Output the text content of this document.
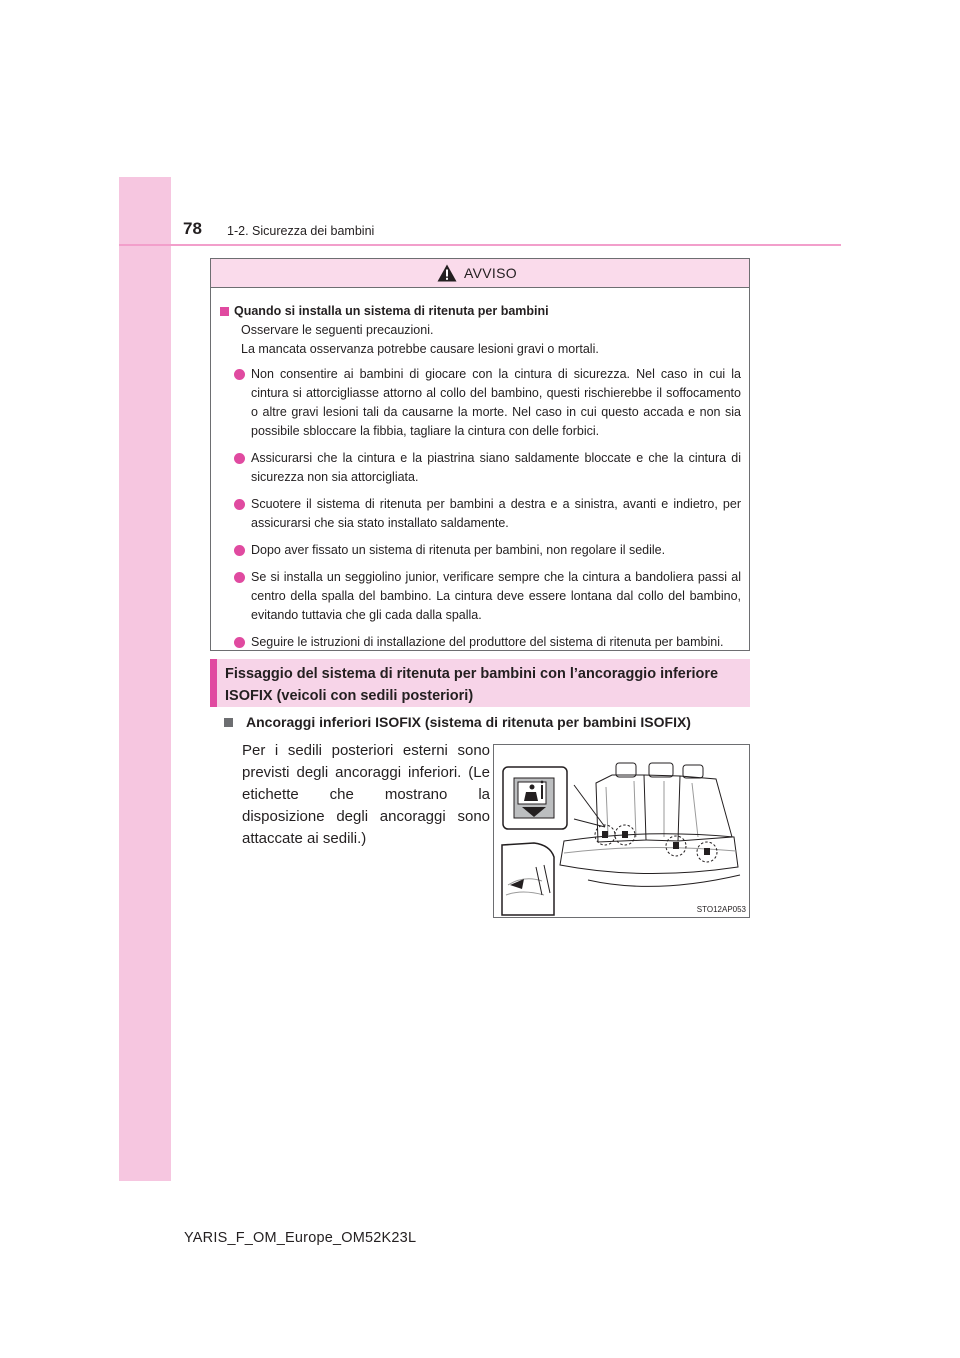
78 1-2. Sicurezza dei bambini
AVVISO
Quando si installa un sistema di ritenuta per bambini
Osservare le seguenti precauzioni.
La mancata osservanza potrebbe causare lesioni gravi o mortali.
Non consentire ai bambini di giocare con la cintura di sicurezza. Nel caso in cui la cintura si attorcigliasse attorno al collo del bambino, questi rischierebbe il soffocamento o altre gravi lesioni tali da causarne la morte. Nel caso in cui questo accada e non sia possibile sbloccare la fibbia, tagliare la cintura con delle forbici.
Assicurarsi che la cintura e la piastrina siano saldamente bloccate e che la cintura di sicurezza non sia attorcigliata.
Scuotere il sistema di ritenuta per bambini a destra e a sinistra, avanti e indietro, per assicurarsi che sia stato installato saldamente.
Dopo aver fissato un sistema di ritenuta per bambini, non regolare il sedile.
Se si installa un seggiolino junior, verificare sempre che la cintura a bandoliera passi al centro della spalla del bambino. La cintura deve essere lontana dal collo del bambino, evitando tuttavia che gli cada dalla spalla.
Seguire le istruzioni di installazione del produttore del sistema di ritenuta per bambini.
Fissaggio del sistema di ritenuta per bambini con l’ancoraggio inferiore
ISOFIX (veicoli con sedili posteriori)
Ancoraggi inferiori ISOFIX (sistema di ritenuta per bambini ISOFIX)
Per i sedili posteriori esterni sono previsti degli ancoraggi inferiori. (Le etichette che mostrano la disposizione degli ancoraggi sono attaccate ai sedili.)
STO12AP053
YARIS_F_OM_Europe_OM52K23L
